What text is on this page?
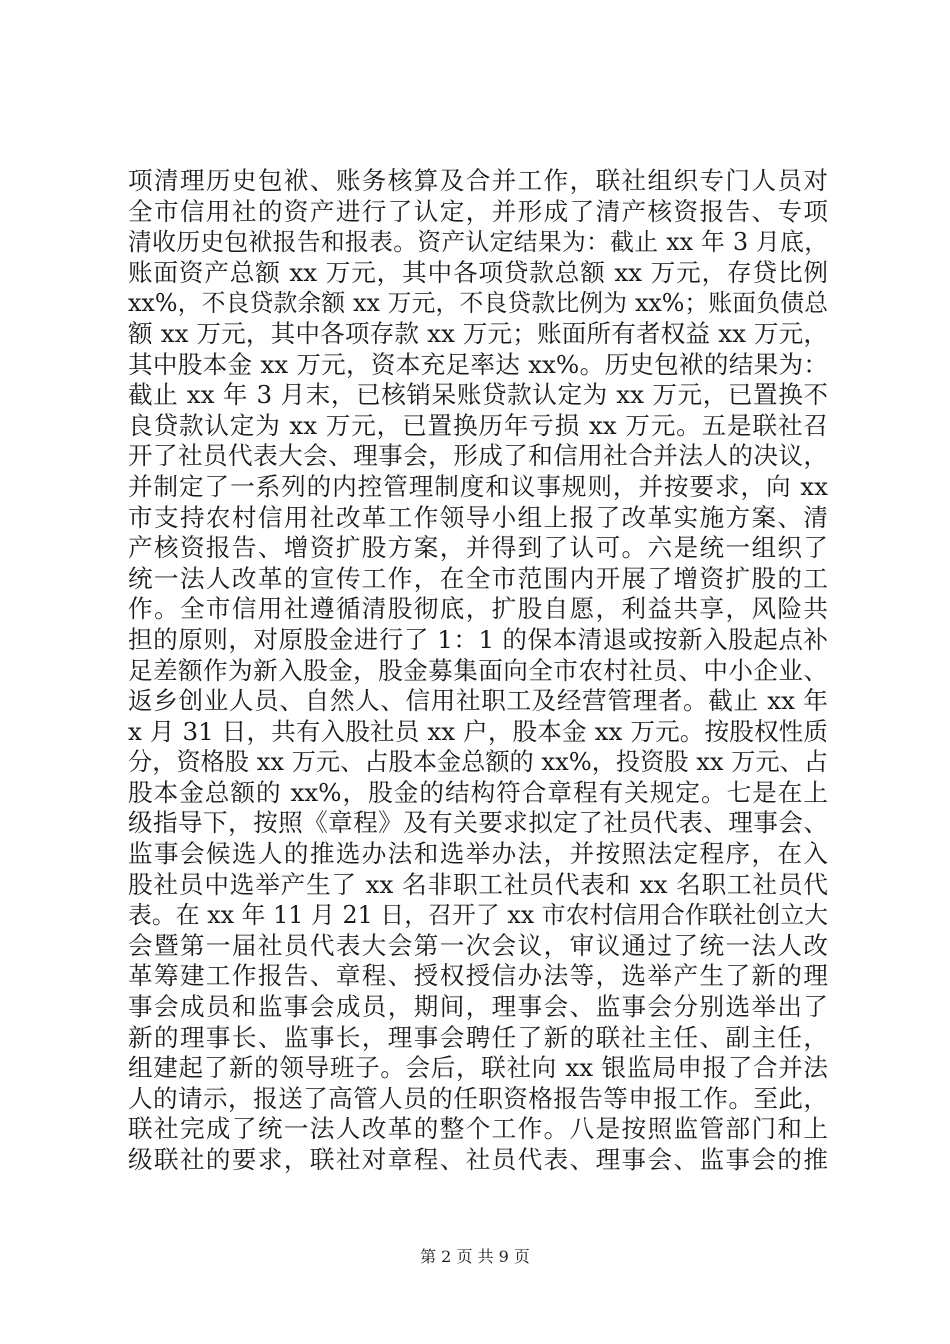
项清理历史包袱、账务核算及合并工作，联社组织专门人员对
全市信用社的资产进行了认定，并形成了清产核资报告、专项
清收历史包袱报告和报表。资产认定结果为：截止 xx 年 3 月底，
账面资产总额 xx 万元，其中各项贷款总额 xx 万元，存贷比例
xx%，不良贷款余额 xx 万元，不良贷款比例为 xx%；账面负债总
额 xx 万元，其中各项存款 xx 万元；账面所有者权益 xx 万元，
其中股本金 xx 万元，资本充足率达 xx%。历史包袱的结果为：
截止 xx 年 3 月末，已核销呆账贷款认定为 xx 万元，已置换不
良贷款认定为 xx 万元，已置换历年亏损 xx 万元。五是联社召
开了社员代表大会、理事会，形成了和信用社合并法人的决议，
并制定了一系列的内控管理制度和议事规则，并按要求，向 xx
市支持农村信用社改革工作领导小组上报了改革实施方案、清
产核资报告、增资扩股方案，并得到了认可。六是统一组织了
统一法人改革的宣传工作，在全市范围内开展了增资扩股的工
作。全市信用社遵循清股彻底，扩股自愿，利益共享，风险共
担的原则，对原股金进行了 1：1 的保本清退或按新入股起点补
足差额作为新入股金，股金募集面向全市农村社员、中小企业、
返乡创业人员、自然人、信用社职工及经营管理者。截止 xx 年
x 月 31 日，共有入股社员 xx 户，股本金 xx 万元。按股权性质
分，资格股 xx 万元、占股本金总额的 xx%，投资股 xx 万元、占
股本金总额的 xx%，股金的结构符合章程有关规定。七是在上
级指导下，按照《章程》及有关要求拟定了社员代表、理事会、
监事会候选人的推选办法和选举办法，并按照法定程序，在入
股社员中选举产生了 xx 名非职工社员代表和 xx 名职工社员代
表。在 xx 年 11 月 21 日，召开了 xx 市农村信用合作联社创立大
会暨第一届社员代表大会第一次会议，审议通过了统一法人改
革筹建工作报告、章程、授权授信办法等，选举产生了新的理
事会成员和监事会成员，期间，理事会、监事会分别选举出了
新的理事长、监事长，理事会聘任了新的联社主任、副主任，
组建起了新的领导班子。会后，联社向 xx 银监局申报了合并法
人的请示，报送了高管人员的任职资格报告等申报工作。至此，
联社完成了统一法人改革的整个工作。八是按照监管部门和上
级联社的要求，联社对章程、社员代表、理事会、监事会的推
第 2 页 共 9 页
